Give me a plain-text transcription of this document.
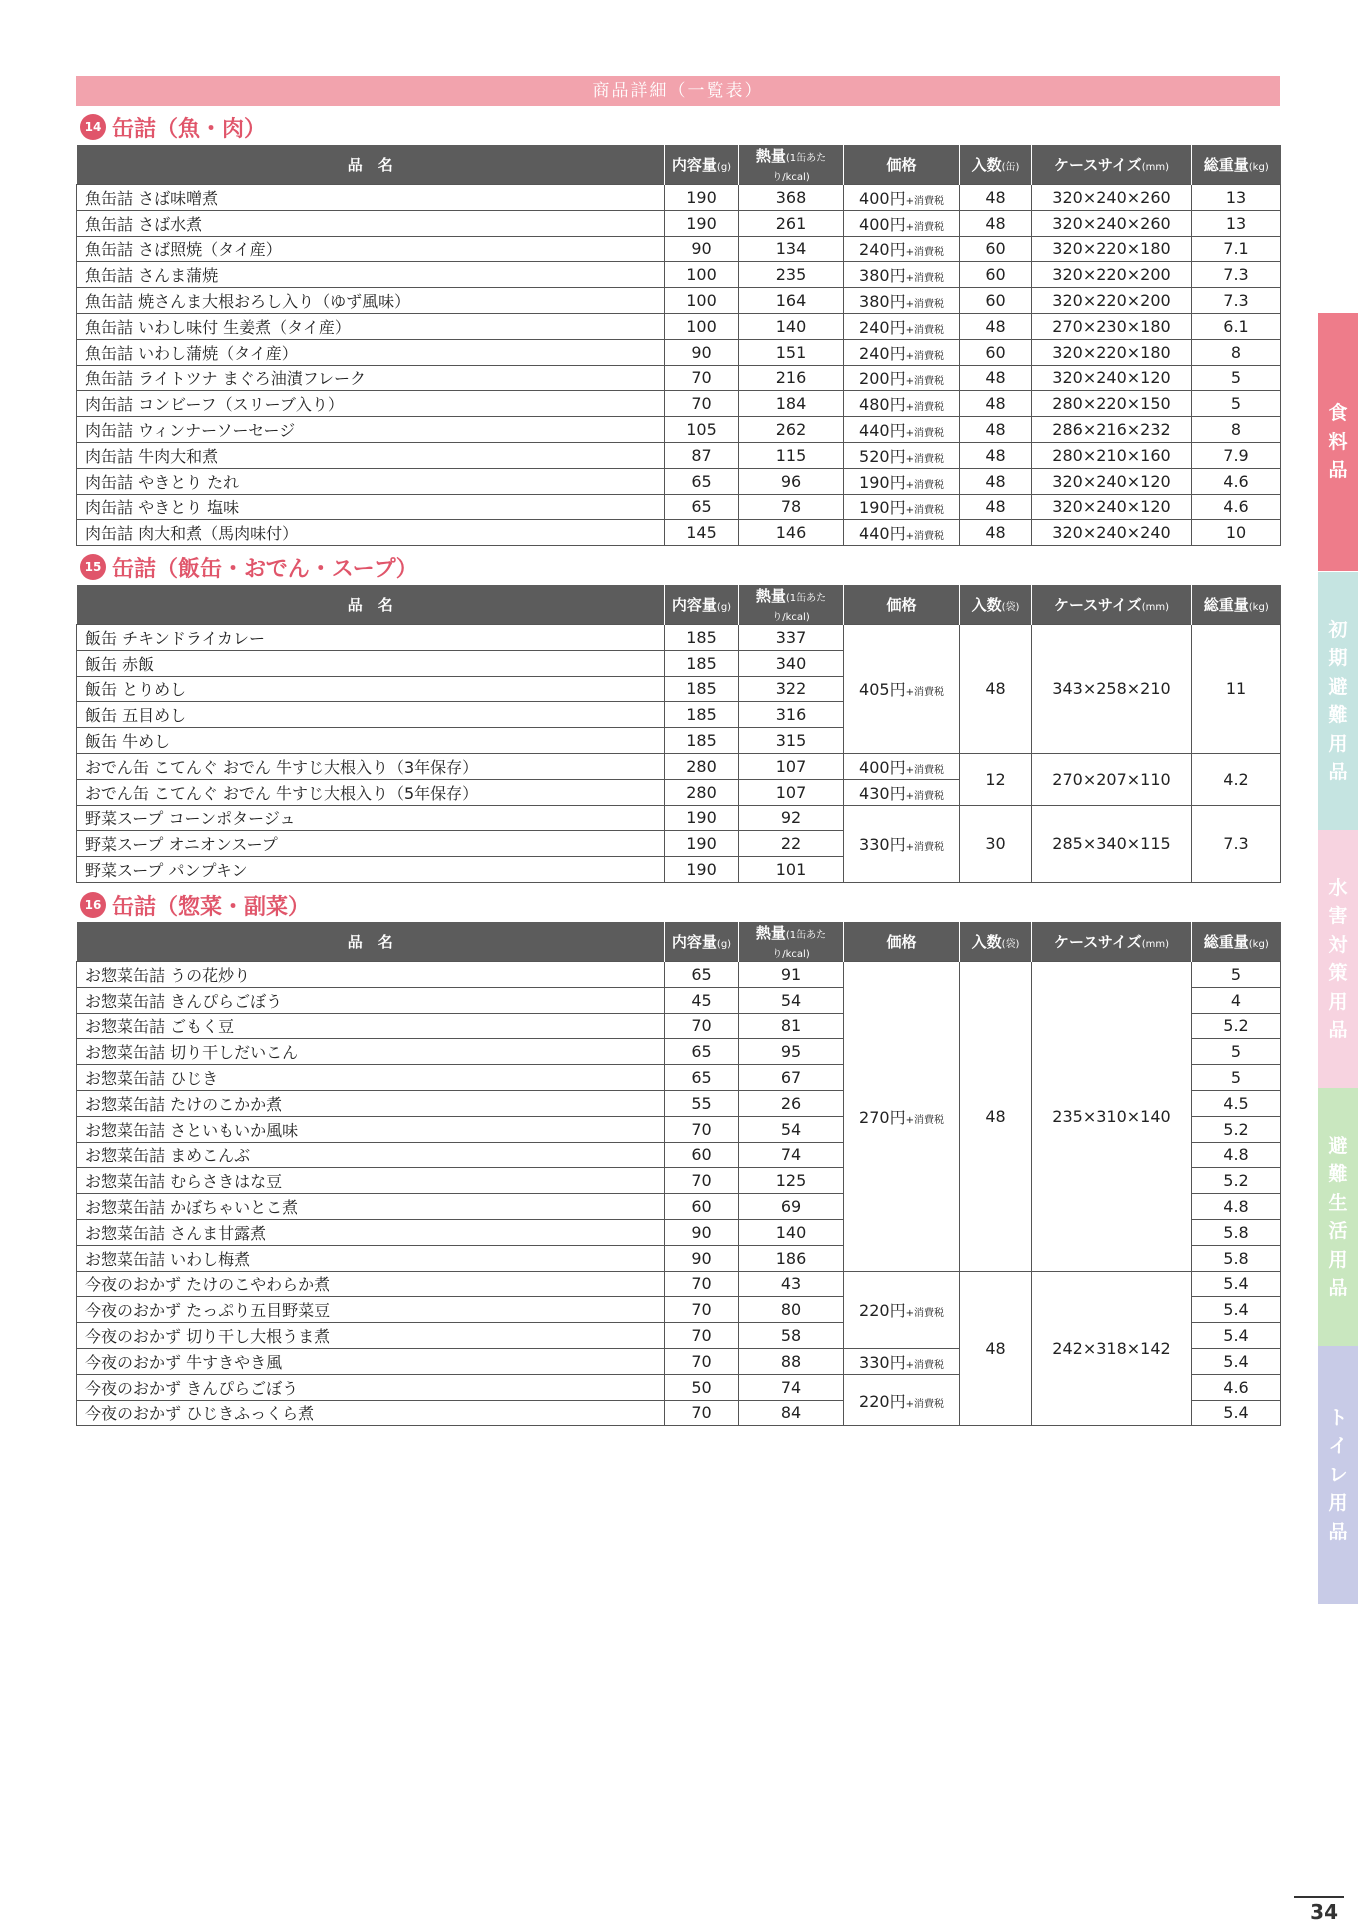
商品詳細（一覧表）
14 缶詰（魚・肉）
品　名	内容量(g)	熱量(1缶あたり/kcal)	価格	入数(缶)	ケースサイズ(mm)	総重量(kg)
魚缶詰 さば味噌煮	190	368	400円+消費税	48	320×240×260	13
魚缶詰 さば水煮	190	261	400円+消費税	48	320×240×260	13
魚缶詰 さば照焼（タイ産）	90	134	240円+消費税	60	320×220×180	7.1
魚缶詰 さんま蒲焼	100	235	380円+消費税	60	320×220×200	7.3
魚缶詰 焼さんま大根おろし入り（ゆず風味）	100	164	380円+消費税	60	320×220×200	7.3
魚缶詰 いわし味付 生姜煮（タイ産）	100	140	240円+消費税	48	270×230×180	6.1
魚缶詰 いわし蒲焼（タイ産）	90	151	240円+消費税	60	320×220×180	8
魚缶詰 ライトツナ まぐろ油漬フレーク	70	216	200円+消費税	48	320×240×120	5
肉缶詰 コンビーフ（スリーブ入り）	70	184	480円+消費税	48	280×220×150	5
肉缶詰 ウィンナーソーセージ	105	262	440円+消費税	48	286×216×232	8
肉缶詰 牛肉大和煮	87	115	520円+消費税	48	280×210×160	7.9
肉缶詰 やきとり たれ	65	96	190円+消費税	48	320×240×120	4.6
肉缶詰 やきとり 塩味	65	78	190円+消費税	48	320×240×120	4.6
肉缶詰 肉大和煮（馬肉味付）	145	146	440円+消費税	48	320×240×240	10
15 缶詰（飯缶・おでん・スープ）
品　名	内容量(g)	熱量(1缶あたり/kcal)	価格	入数(袋)	ケースサイズ(mm)	総重量(kg)
飯缶 チキンドライカレー	185	337	405円+消費税	48	343×258×210	11
飯缶 赤飯	185	340				
飯缶 とりめし	185	322				
飯缶 五目めし	185	316				
飯缶 牛めし	185	315				
おでん缶 こてんぐ おでん 牛すじ大根入り（3年保存）	280	107	400円+消費税	12	270×207×110	4.2
おでん缶 こてんぐ おでん 牛すじ大根入り（5年保存）	280	107	430円+消費税			
野菜スープ コーンポタージュ	190	92	330円+消費税	30	285×340×115	7.3
野菜スープ オニオンスープ	190	22				
野菜スープ パンプキン	190	101				
16 缶詰（惣菜・副菜）
品　名	内容量(g)	熱量(1缶あたり/kcal)	価格	入数(袋)	ケースサイズ(mm)	総重量(kg)
お惣菜缶詰 うの花炒り	65	91	270円+消費税	48	235×310×140	5
お惣菜缶詰 きんぴらごぼう	45	54				4
お惣菜缶詰 ごもく豆	70	81				5.2
お惣菜缶詰 切り干しだいこん	65	95				5
お惣菜缶詰 ひじき	65	67				5
お惣菜缶詰 たけのこかか煮	55	26				4.5
お惣菜缶詰 さといもいか風味	70	54				5.2
お惣菜缶詰 まめこんぶ	60	74				4.8
お惣菜缶詰 むらさきはな豆	70	125				5.2
お惣菜缶詰 かぼちゃいとこ煮	60	69				4.8
お惣菜缶詰 さんま甘露煮	90	140				5.8
お惣菜缶詰 いわし梅煮	90	186				5.8
今夜のおかず たけのこやわらか煮	70	43	220円+消費税	48	242×318×142	5.4
今夜のおかず たっぷり五目野菜豆	70	80				5.4
今夜のおかず 切り干し大根うま煮	70	58				5.4
今夜のおかず 牛すきやき風	70	88	330円+消費税			5.4
今夜のおかず きんぴらごぼう	50	74	220円+消費税			4.6
今夜のおかず ひじきふっくら煮	70	84				5.4
食
料
品
初
期
避
難
用
品
水
害
対
策
用
品
避
難
生
活
用
品
ト
イ
レ
用
品
34
